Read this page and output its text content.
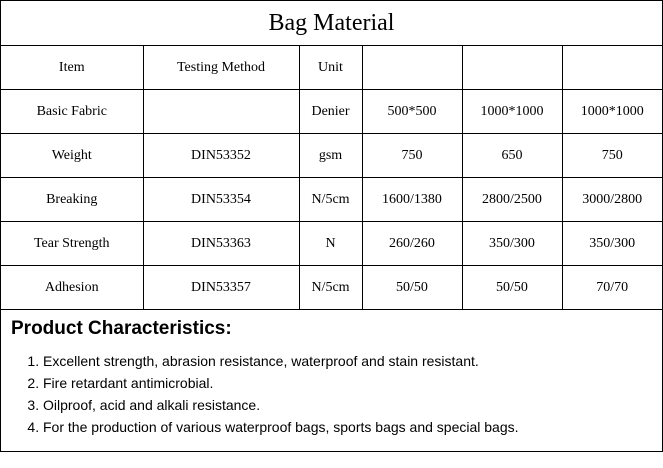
Bag Material
Item	Testing Method	Unit			
Basic Fabric		Denier	500*500	1000*1000	1000*1000
Weight	DIN53352	gsm	750	650	750
Breaking	DIN53354	N/5cm	1600/1380	2800/2500	3000/2800
Tear Strength	DIN53363	N	260/260	350/300	350/300
Adhesion	DIN53357	N/5cm	50/50	50/50	70/70
Product Characteristics:
1. Excellent strength, abrasion resistance, waterproof and stain resistant.
2. Fire retardant antimicrobial.
3. Oilproof, acid and alkali resistance.
4. For the production of various waterproof bags, sports bags and special bags.
